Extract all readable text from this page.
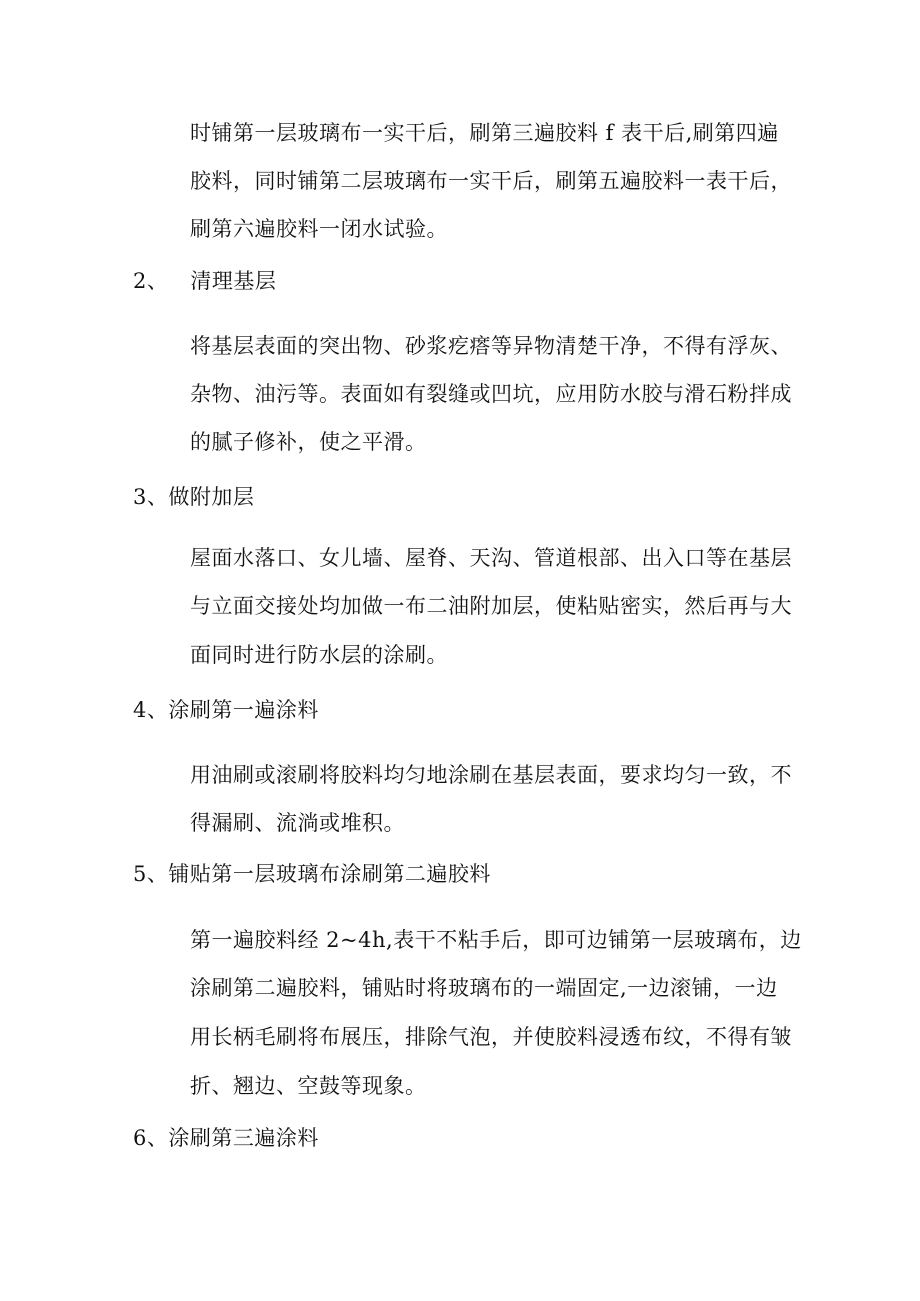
时铺第一层玻璃布一实干后，刷第三遍胶料 f 表干后,刷第四遍
胶料，同时铺第二层玻璃布一实干后，刷第五遍胶料一表干后，
刷第六遍胶料一闭水试验。
2、 清理基层
将基层表面的突出物、砂浆疙瘩等异物清楚干净，不得有浮灰、
杂物、油污等。表面如有裂缝或凹坑，应用防水胶与滑石粉拌成
的腻子修补，使之平滑。
3、做附加层
屋面水落口、女儿墙、屋脊、天沟、管道根部、出入口等在基层
与立面交接处均加做一布二油附加层，使粘贴密实，然后再与大
面同时进行防水层的涂刷。
4、涂刷第一遍涂料
用油刷或滚刷将胶料均匀地涂刷在基层表面，要求均匀一致，不
得漏刷、流淌或堆积。
5、铺贴第一层玻璃布涂刷第二遍胶料
第一遍胶料经 2~4h,表干不粘手后，即可边铺第一层玻璃布，边
涂刷第二遍胶料，铺贴时将玻璃布的一端固定,一边滚铺，一边
用长柄毛刷将布展压，排除气泡，并使胶料浸透布纹，不得有皱
折、翘边、空鼓等现象。
6、涂刷第三遍涂料
